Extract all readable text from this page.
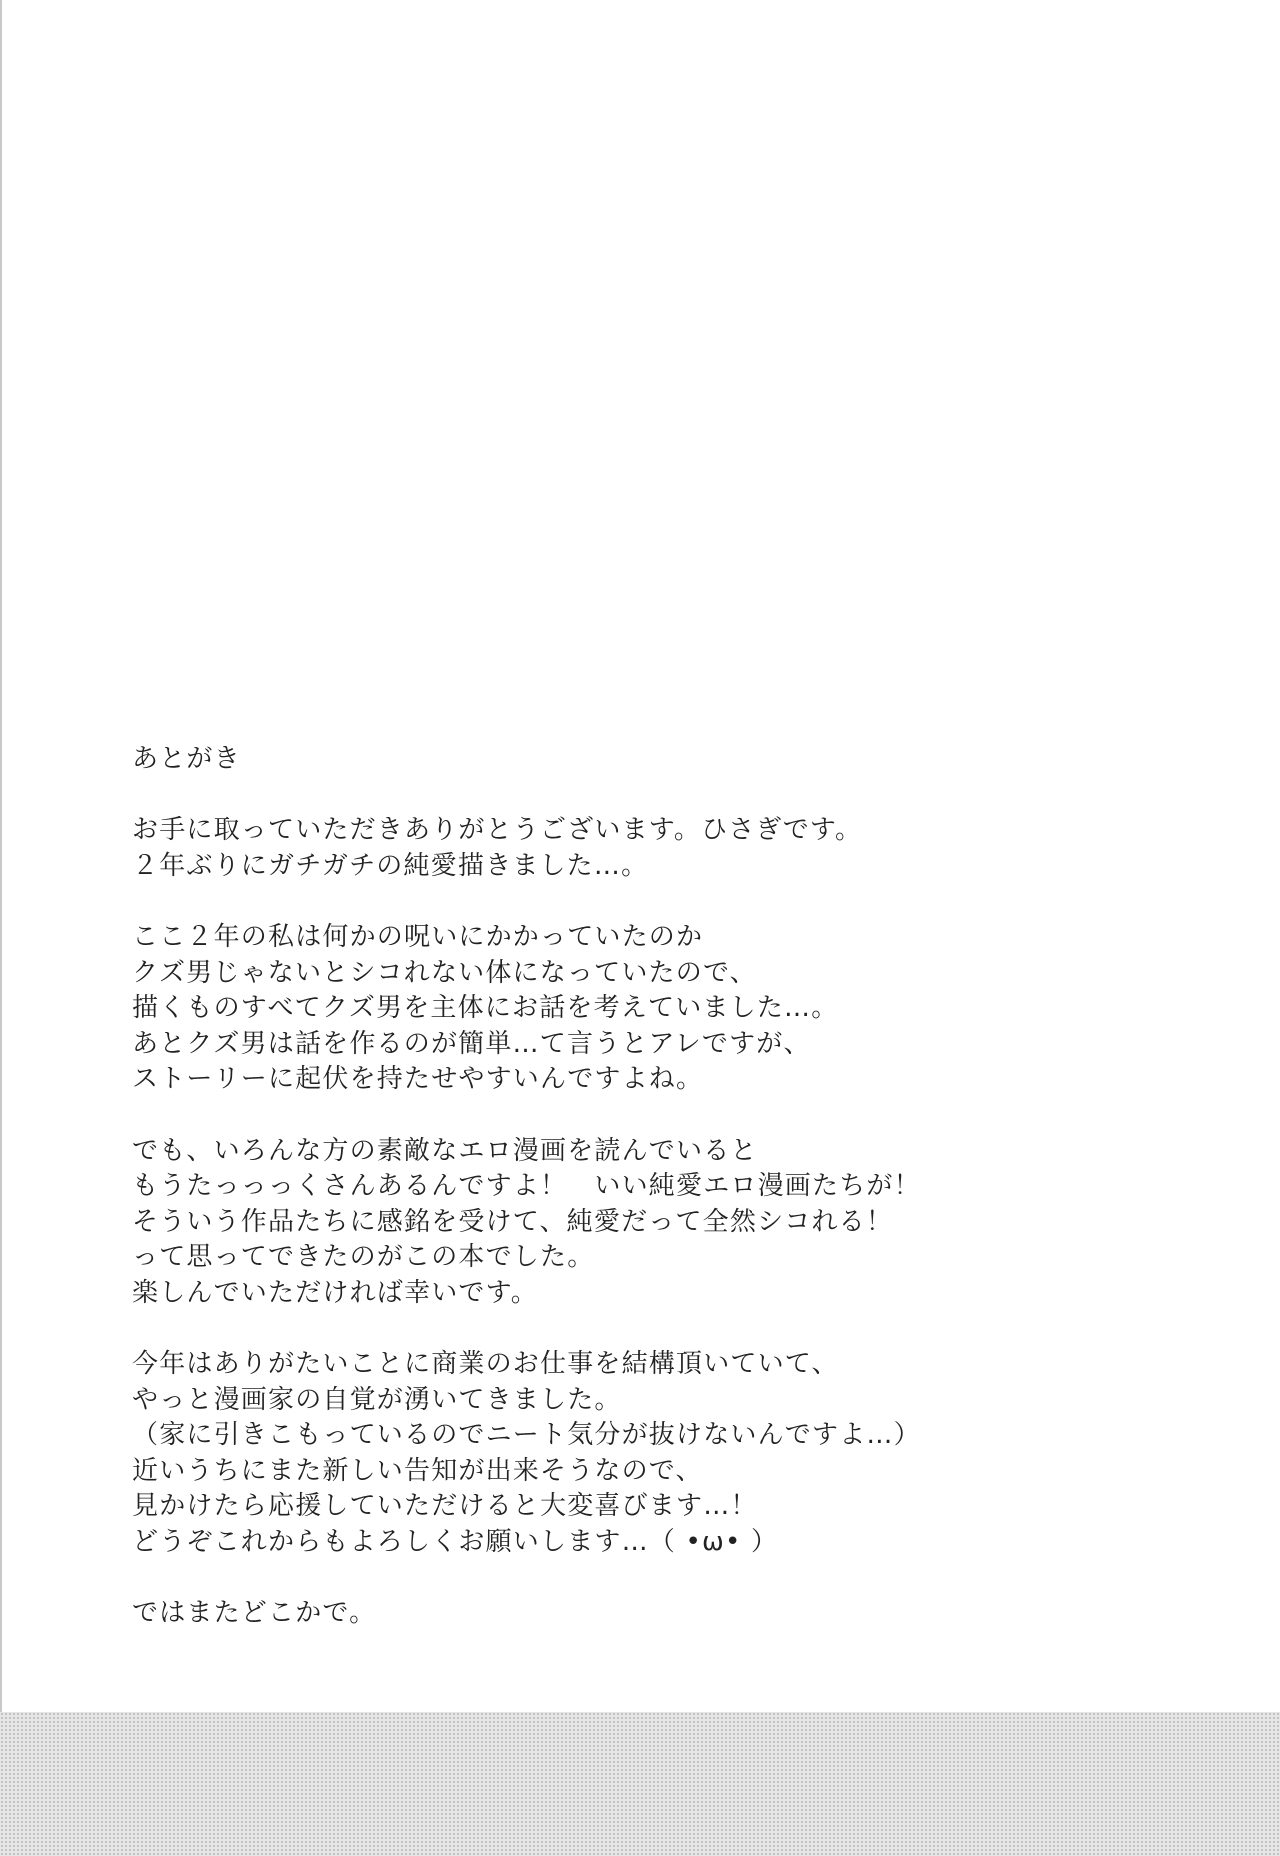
あとがき
お手に取っていただきありがとうございます。ひさぎです。
２年ぶりにガチガチの純愛描きました…。
ここ２年の私は何かの呪いにかかっていたのか
クズ男じゃないとシコれない体になっていたので、
描くものすべてクズ男を主体にお話を考えていました…。
あとクズ男は話を作るのが簡単…て言うとアレですが、
ストーリーに起伏を持たせやすいんですよね。
でも、いろんな方の素敵なエロ漫画を読んでいると
もうたっっっくさんあるんですよ！　いい純愛エロ漫画たちが！
そういう作品たちに感銘を受けて、純愛だって全然シコれる！
って思ってできたのがこの本でした。
楽しんでいただければ幸いです。
今年はありがたいことに商業のお仕事を結構頂いていて、
やっと漫画家の自覚が湧いてきました。
（家に引きこもっているのでニート気分が抜けないんですよ…）
近いうちにまた新しい告知が出来そうなので、
見かけたら応援していただけると大変喜びます…！
どうぞこれからもよろしくお願いします…（ •ω• ）
ではまたどこかで。
